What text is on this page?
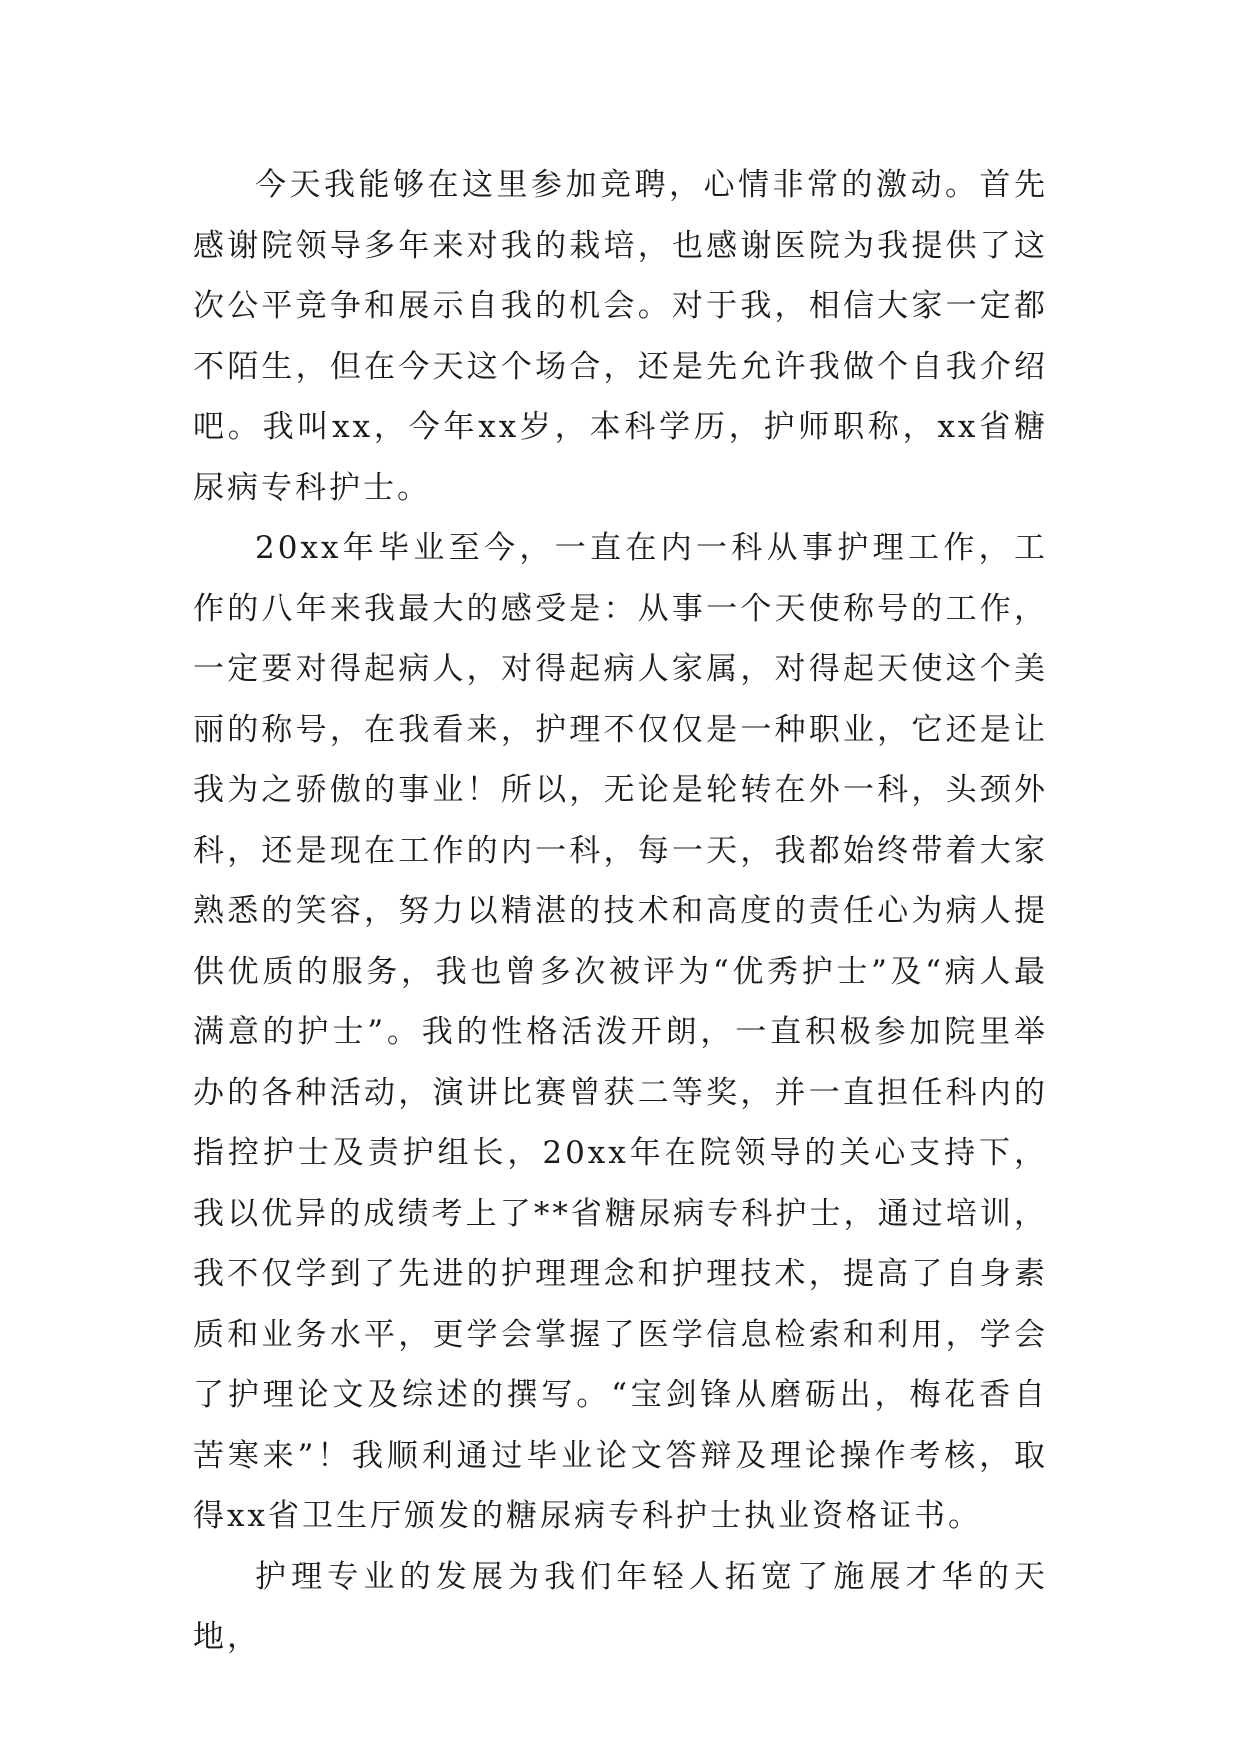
今天我能够在这里参加竞聘，心情非常的激动。首先感谢院领导多年来对我的栽培，也感谢医院为我提供了这次公平竞争和展示自我的机会。对于我，相信大家一定都不陌生，但在今天这个场合，还是先允许我做个自我介绍吧。我叫xx，今年xx岁，本科学历，护师职称，xx省糖尿病专科护士。

20xx年毕业至今，一直在内一科从事护理工作，工作的八年来我最大的感受是：从事一个天使称号的工作，一定要对得起病人，对得起病人家属，对得起天使这个美丽的称号，在我看来，护理不仅仅是一种职业，它还是让我为之骄傲的事业！所以，无论是轮转在外一科，头颈外科，还是现在工作的内一科，每一天，我都始终带着大家熟悉的笑容，努力以精湛的技术和高度的责任心为病人提供优质的服务，我也曾多次被评为“优秀护士”及“病人最满意的护士”。我的性格活泼开朗，一直积极参加院里举办的各种活动，演讲比赛曾获二等奖，并一直担任科内的指控护士及责护组长，20xx年在院领导的关心支持下，我以优异的成绩考上了**省糖尿病专科护士，通过培训，我不仅学到了先进的护理理念和护理技术，提高了自身素质和业务水平，更学会掌握了医学信息检索和利用，学会了护理论文及综述的撰写。“宝剑锋从磨砺出，梅花香自苦寒来”！我顺利通过毕业论文答辩及理论操作考核，取得xx省卫生厅颁发的糖尿病专科护士执业资格证书。

护理专业的发展为我们年轻人拓宽了施展才华的天地，
